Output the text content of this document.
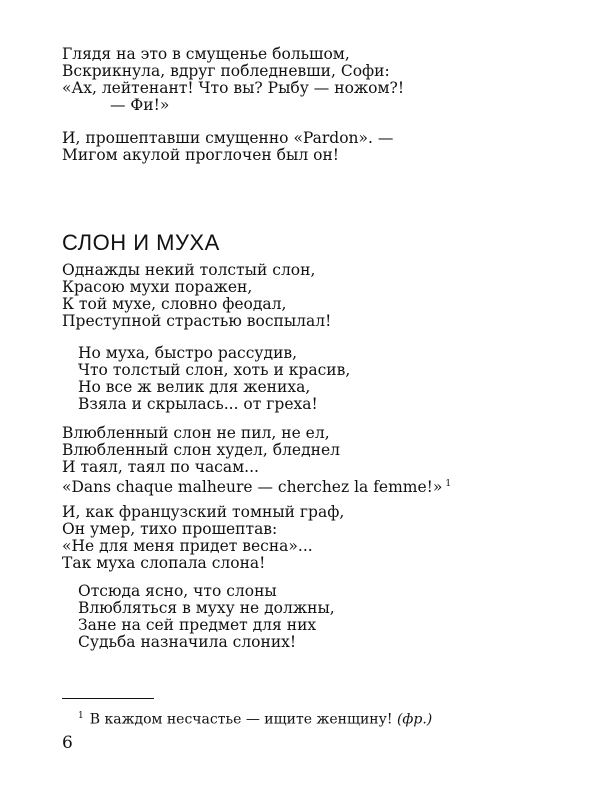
Глядя на это в смущенье большом,
Вскрикнула, вдруг побледневши, Софи:
«Ах, лейтенант! Что вы? Рыбу — ножом?!
— Фи!»
И, прошептавши смущенно «Pardon». —
Мигом акулой проглочен был он!
СЛОН И МУХА
Однажды некий толстый слон,
Красою мухи поражен,
К той мухе, словно феодал,
Преступной страстью воспылал!
Но муха, быстро рассудив,
Что толстый слон, хоть и красив,
Но все ж велик для жениха,
Взяла и скрылась... от греха!
Влюбленный слон не пил, не ел,
Влюбленный слон худел, бледнел
И таял, таял по часам...
«Dans chaque malheure — cherchez la femme!» $^1$
И, как французский томный граф,
Он умер, тихо прошептав:
«Не для меня придет весна»...
Так муха слопала слона!
Отсюда ясно, что слоны
Влюбляться в муху не должны,
Зане на сей предмет для них
Судьба назначила слоних!
$^1$ В каждом несчастье — ищите женщину! (фр.)
6
